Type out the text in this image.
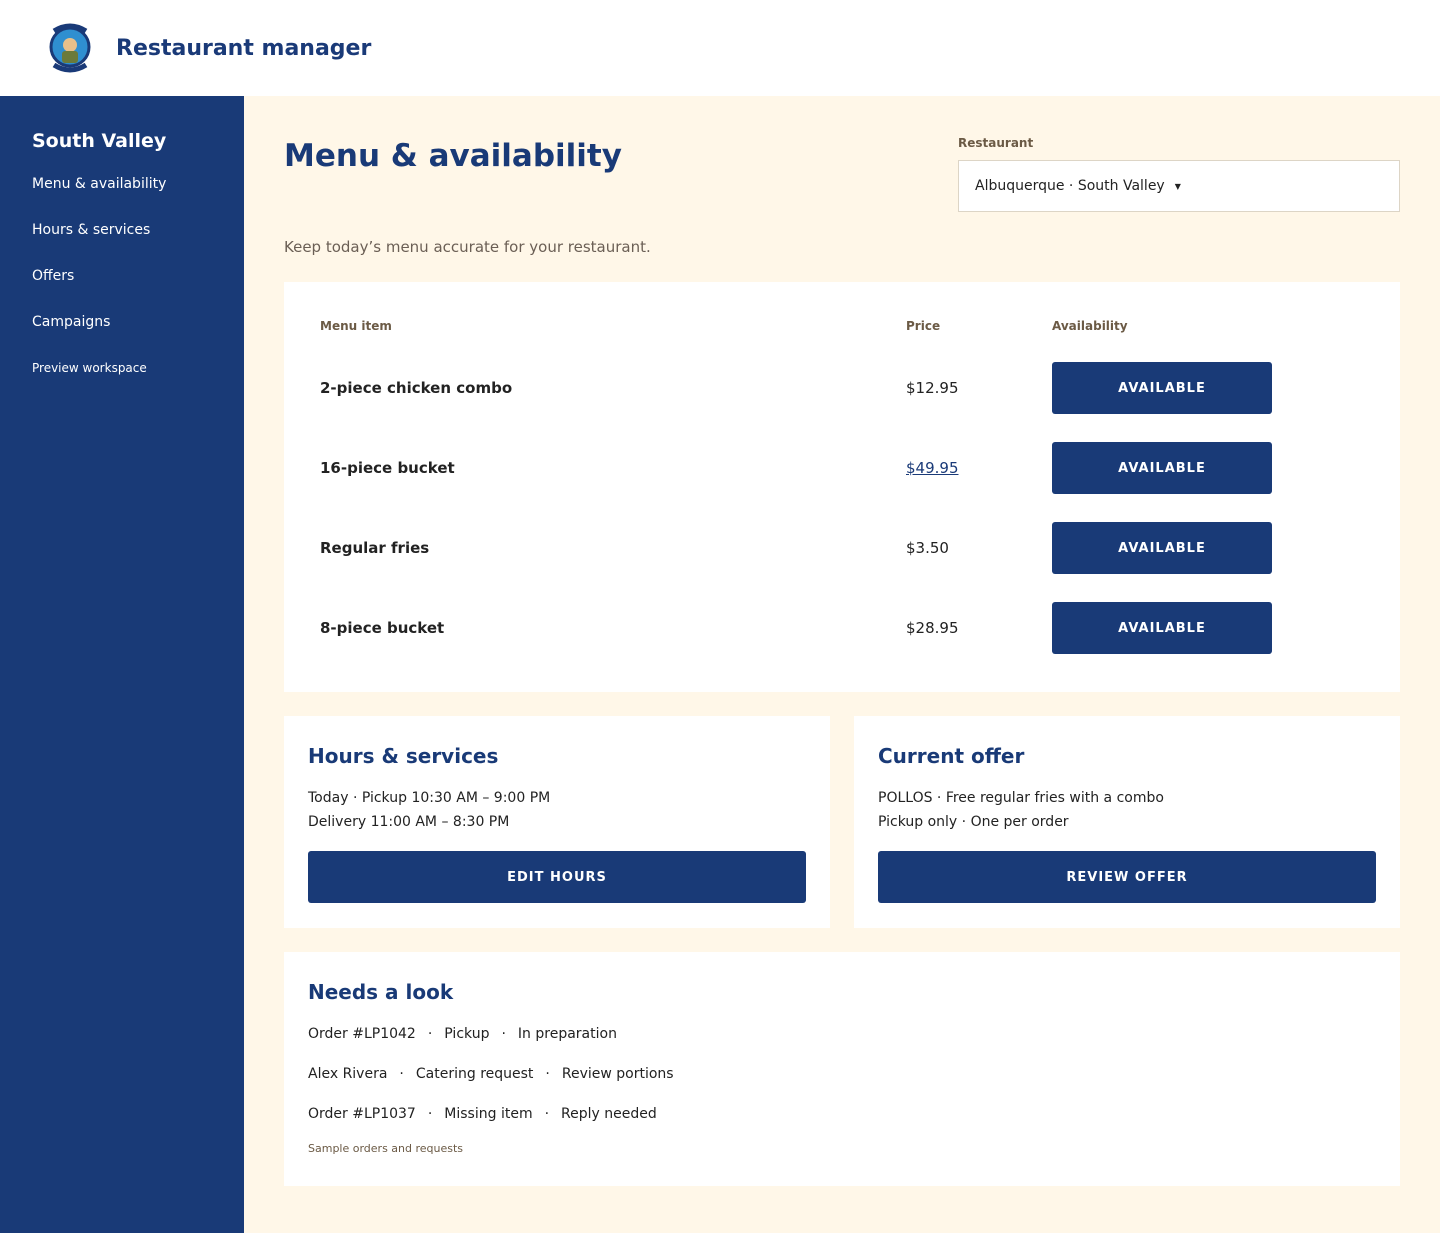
Restaurant manager
South Valley
Menu & availability
Hours & services
Offers
Campaigns
Preview workspace
Menu & availability	Restaurant
Albuquerque · South Valley ▼
Keep today’s menu accurate for your restaurant.
Menu item	Price	Availability
2-piece chicken combo	$12.95	AVAILABLE
16-piece bucket	$49.95	AVAILABLE
Regular fries	$3.50	AVAILABLE
8-piece bucket	$28.95	AVAILABLE
Hours & services
Today · Pickup 10:30 AM – 9:00 PM
Delivery 11:00 AM – 8:30 PM
EDIT HOURS
Current offer
POLLOS · Free regular fries with a combo
Pickup only · One per order
REVIEW OFFER
Needs a look
Order #LP1042 · Pickup · In preparation
Alex Rivera · Catering request · Review portions
Order #LP1037 · Missing item · Reply needed
Sample orders and requests
